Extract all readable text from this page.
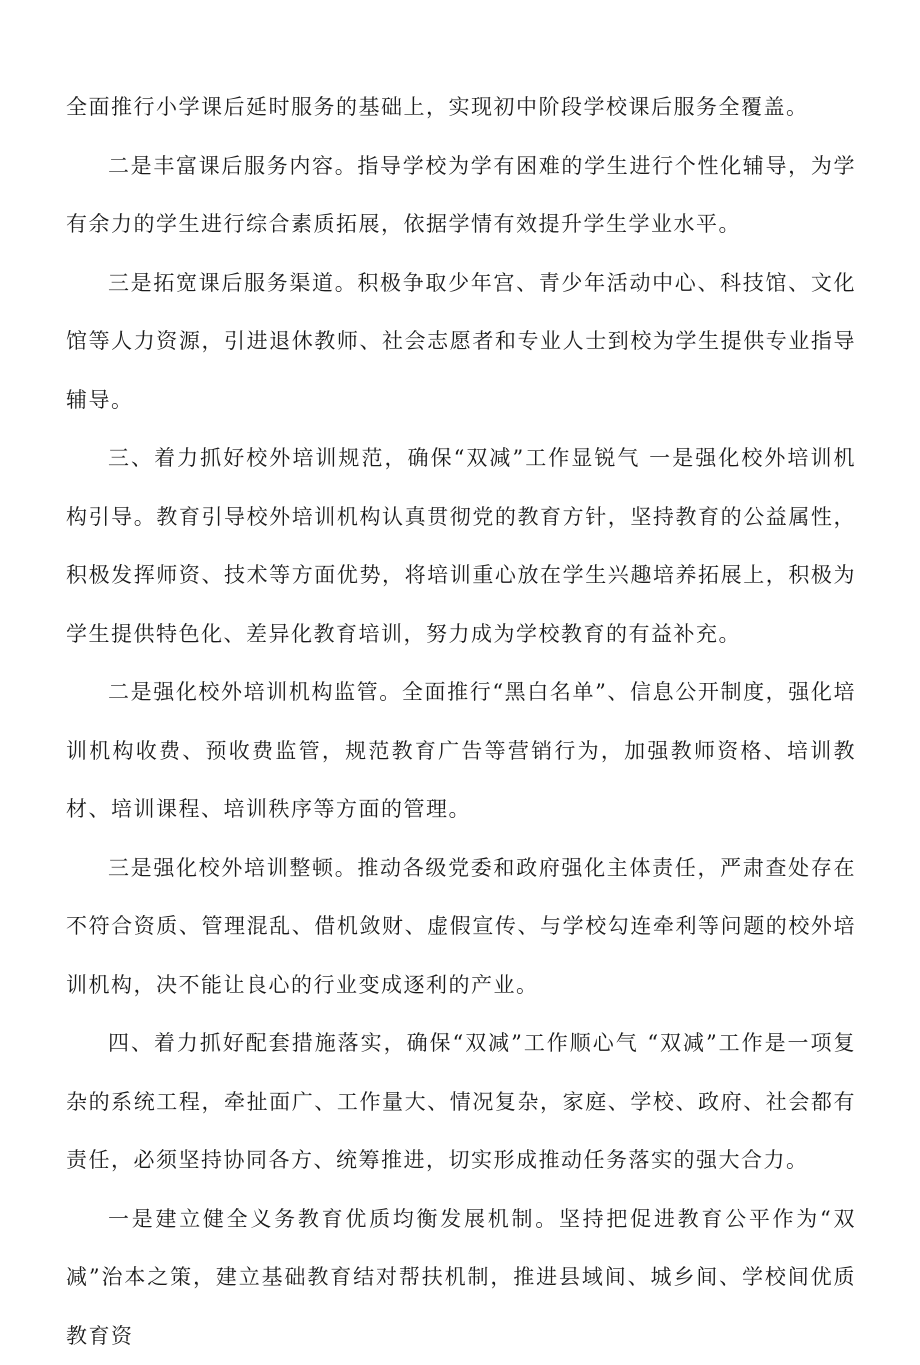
全面推行小学课后延时服务的基础上，实现初中阶段学校课后服务全覆盖。

二是丰富课后服务内容。指导学校为学有困难的学生进行个性化辅导，为学有余力的学生进行综合素质拓展，依据学情有效提升学生学业水平。

三是拓宽课后服务渠道。积极争取少年宫、青少年活动中心、科技馆、文化馆等人力资源，引进退休教师、社会志愿者和专业人士到校为学生提供专业指导辅导。

三、着力抓好校外培训规范，确保“双减”工作显锐气 一是强化校外培训机构引导。教育引导校外培训机构认真贯彻党的教育方针，坚持教育的公益属性，积极发挥师资、技术等方面优势，将培训重心放在学生兴趣培养拓展上，积极为学生提供特色化、差异化教育培训，努力成为学校教育的有益补充。

二是强化校外培训机构监管。全面推行“黑白名单”、信息公开制度，强化培训机构收费、预收费监管，规范教育广告等营销行为，加强教师资格、培训教材、培训课程、培训秩序等方面的管理。

三是强化校外培训整顿。推动各级党委和政府强化主体责任，严肃查处存在不符合资质、管理混乱、借机敛财、虚假宣传、与学校勾连牵利等问题的校外培训机构，决不能让良心的行业变成逐利的产业。

四、着力抓好配套措施落实，确保“双减”工作顺心气 “双减”工作是一项复杂的系统工程，牵扯面广、工作量大、情况复杂，家庭、学校、政府、社会都有责任，必须坚持协同各方、统筹推进，切实形成推动任务落实的强大合力。

一是建立健全义务教育优质均衡发展机制。坚持把促进教育公平作为“双减”治本之策，建立基础教育结对帮扶机制，推进县域间、城乡间、学校间优质教育资
